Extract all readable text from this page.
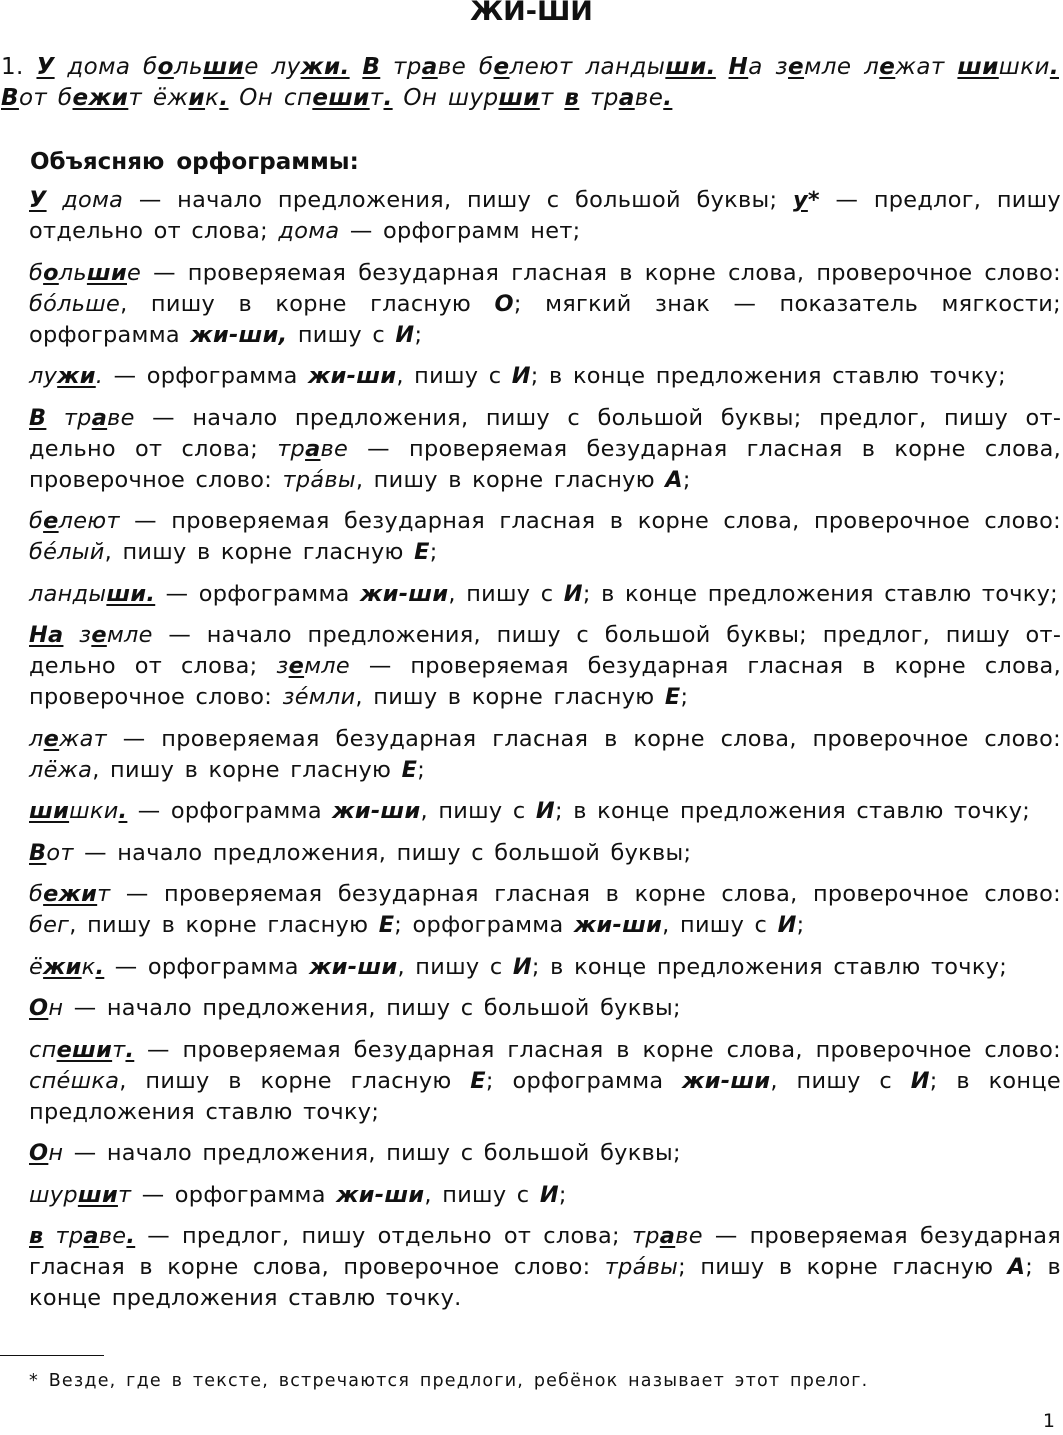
ЖИ-ШИ
1. У дома большие лужи. В траве белеют ландыши. На земле лежат шишки. Вот бежит ёжик. Он спешит. Он шуршит в траве.
Объясняю орфограммы:
У дома — начало предложения, пишу с большой буквы; у* — предлог, пишу отдельно от слова; дома — орфограмм нет;
большие — проверяемая безударная гласная в корне слова, проверочное слово: бо́льше, пишу в корне гласную О; мягкий знак — показатель мягкости; орфограмма жи-ши, пишу с И;
лужи. — орфограмма жи-ши, пишу с И; в конце предложения ставлю точку;
В траве — начало предложения, пишу с большой буквы; предлог, пишу отдельно от слова; траве — проверяемая безударная гласная в корне слова, проверочное слово: тра́вы, пишу в корне гласную А;
белеют — проверяемая безударная гласная в корне слова, проверочное слово: бе́лый, пишу в корне гласную Е;
ландыши. — орфограмма жи-ши, пишу с И; в конце предложения ставлю точку;
На земле — начало предложения, пишу с большой буквы; предлог, пишу отдельно от слова; земле — проверяемая безударная гласная в корне слова, проверочное слово: зе́мли, пишу в корне гласную Е;
лежат — проверяемая безударная гласная в корне слова, проверочное слово: лёжа, пишу в корне гласную Е;
шишки. — орфограмма жи-ши, пишу с И; в конце предложения ставлю точку;
Вот — начало предложения, пишу с большой буквы;
бежит — проверяемая безударная гласная в корне слова, проверочное слово: бег, пишу в корне гласную Е; орфограмма жи-ши, пишу с И;
ёжик. — орфограмма жи-ши, пишу с И; в конце предложения ставлю точку;
Он — начало предложения, пишу с большой буквы;
спешит. — проверяемая безударная гласная в корне слова, проверочное слово: спе́шка, пишу в корне гласную Е; орфограмма жи-ши, пишу с И; в конце предложения ставлю точку;
Он — начало предложения, пишу с большой буквы;
шуршит — орфограмма жи-ши, пишу с И;
в траве. — предлог, пишу отдельно от слова; траве — проверяемая безударная гласная в корне слова, проверочное слово: тра́вы; пишу в корне гласную А; в конце предложения ставлю точку.
* Везде, где в тексте, встречаются предлоги, ребёнок называет этот прелог.
1
